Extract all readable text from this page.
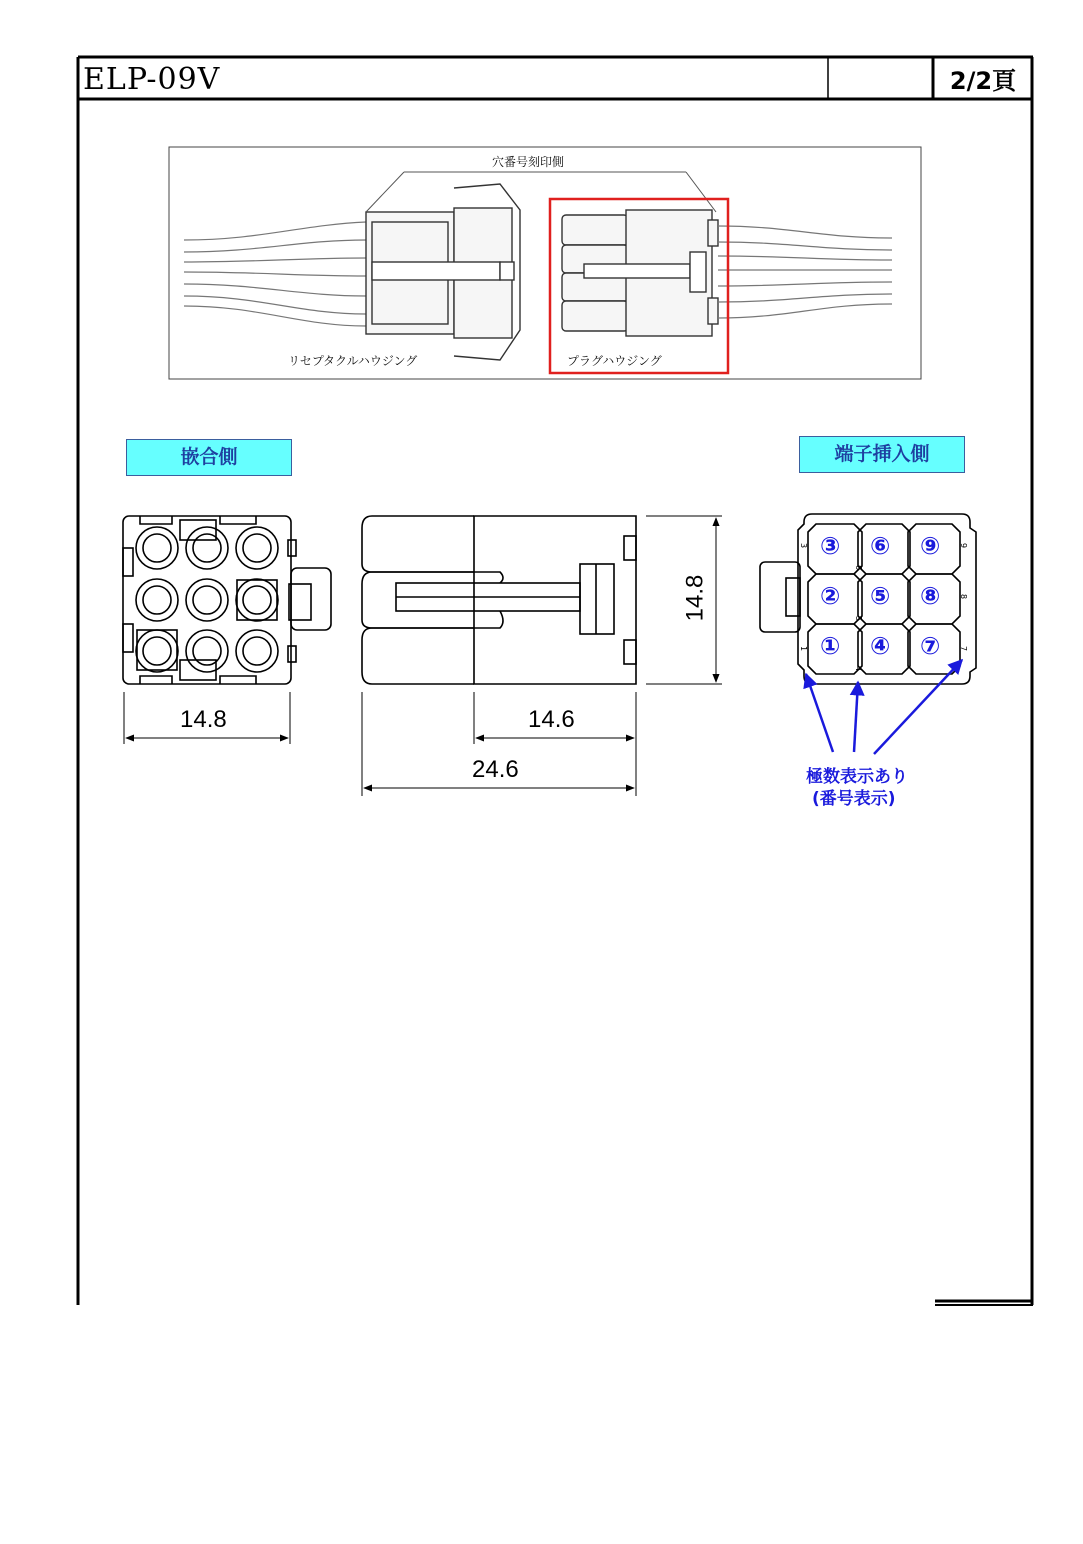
ELP-09V	2/2頁
穴番号刻印側
リセプタクルハウジング	プラグハウジング
嵌合側	端子挿入側
14.8	14.6
24.6
14.8
③ ⑥ ⑨
② ⑤ ⑧
① ④ ⑦
3	9
6
8
5
1
4
7
極数表示あり
(番号表示)
